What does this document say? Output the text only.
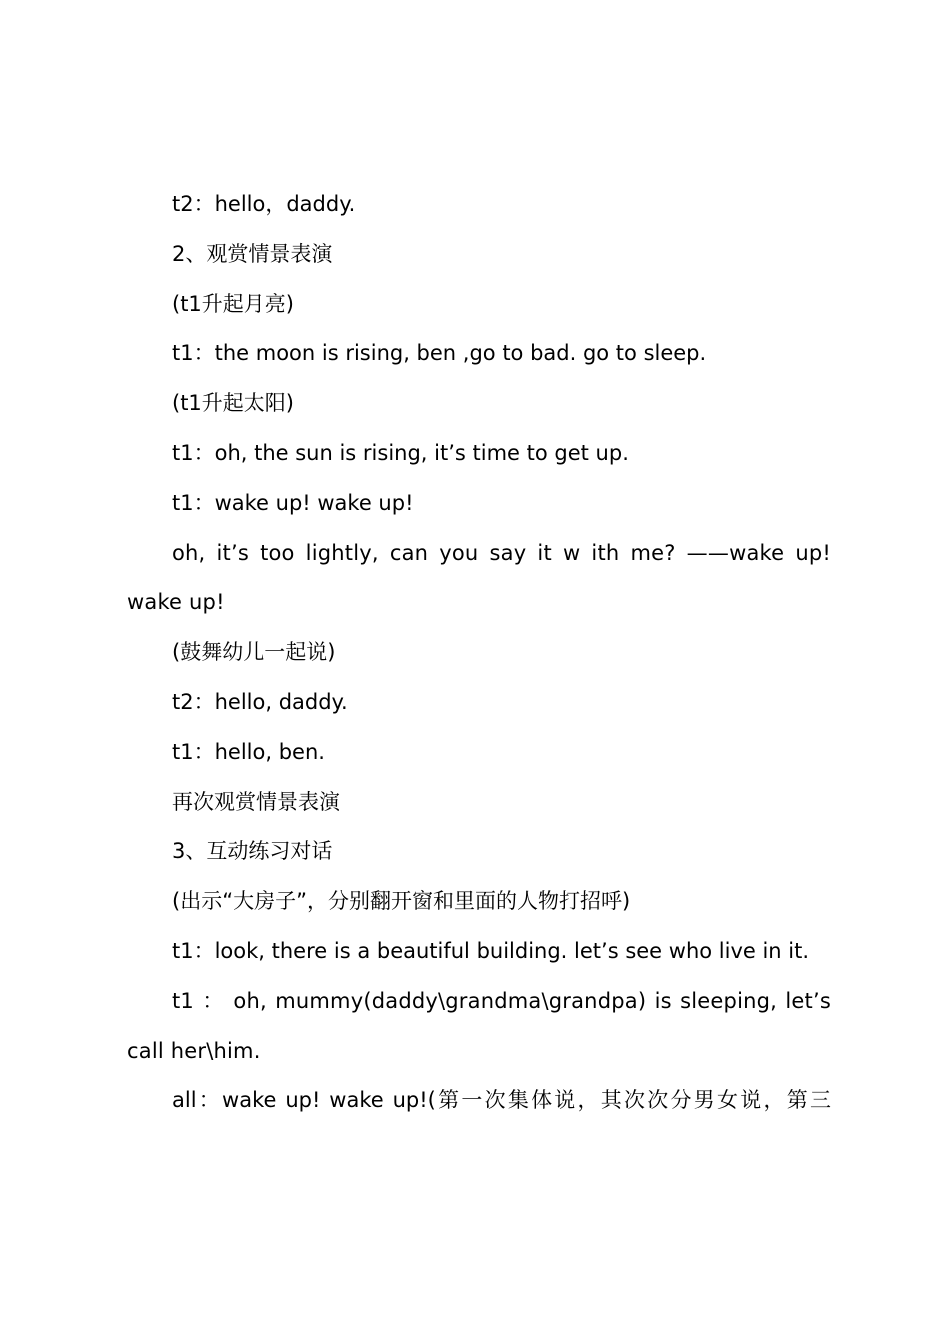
t2：hello，daddy.

2、观赏情景表演

(t1升起月亮)

t1：the moon is rising, ben ,go to bad. go to sleep.

(t1升起太阳)

t1：oh, the sun is rising, it’s time to get up.

t1：wake up! wake up!

oh, it’s too lightly, can you say it w ith me? ——wake up! wake up!

(鼓舞幼儿一起说)

t2：hello, daddy.

t1：hello, ben.

再次观赏情景表演

3、互动练习对话

(出示“大房子”，分别翻开窗和里面的人物打招呼)

t1：look, there is a beautiful building. let’s see who live in it.

t1 ： oh, mummy(daddy\grandma\grandpa) is sleeping, let’s call her\him.

all：wake up! wake up!(第一次集体说，其次次分男女说，第三
